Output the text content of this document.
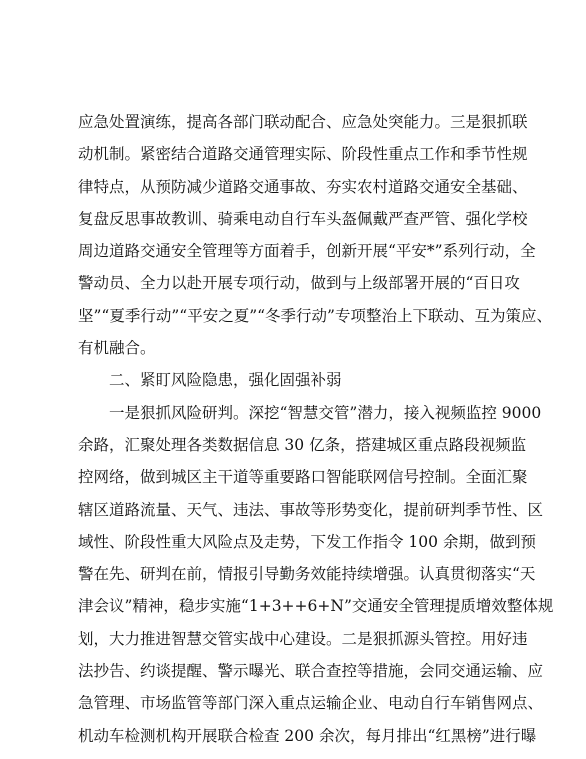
应急处置演练，提高各部门联动配合、应急处突能力。三是狠抓联
动机制。紧密结合道路交通管理实际、阶段性重点工作和季节性规
律特点，从预防减少道路交通事故、夯实农村道路交通安全基础、
复盘反思事故教训、骑乘电动自行车头盔佩戴严查严管、强化学校
周边道路交通安全管理等方面着手，创新开展“平安*”系列行动，全
警动员、全力以赴开展专项行动，做到与上级部署开展的“百日攻
坚”“夏季行动”“平安之夏”“冬季行动”专项整治上下联动、互为策应、
有机融合。
二、紧盯风险隐患，强化固强补弱
一是狠抓风险研判。深挖“智慧交管”潜力，接入视频监控 9000
余路，汇聚处理各类数据信息 30 亿条，搭建城区重点路段视频监
控网络，做到城区主干道等重要路口智能联网信号控制。全面汇聚
辖区道路流量、天气、违法、事故等形势变化，提前研判季节性、区
域性、阶段性重大风险点及走势，下发工作指令 100 余期，做到预
警在先、研判在前，情报引导勤务效能持续增强。认真贯彻落实“天
津会议”精神，稳步实施“1+3++6+N”交通安全管理提质增效整体规
划，大力推进智慧交管实战中心建设。二是狠抓源头管控。用好违
法抄告、约谈提醒、警示曝光、联合查控等措施，会同交通运输、应
急管理、市场监管等部门深入重点运输企业、电动自行车销售网点、
机动车检测机构开展联合检查 200 余次，每月排出“红黑榜”进行曝
